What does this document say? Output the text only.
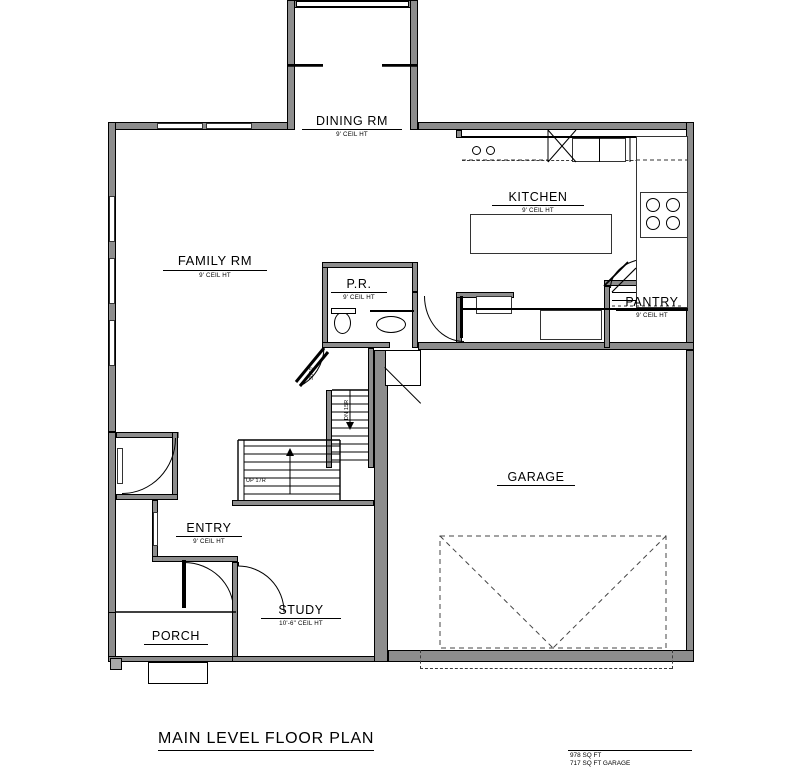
DINING RM
9' CEIL HT
KITCHEN
9' CEIL HT
FAMILY RM
9' CEIL HT
P.R.
9' CEIL HT	PANTRY
9' CEIL HT
GARAGE
ENTRY
9' CEIL HT
STUDY
10'-6" CEIL HT
PORCH
DN 15R
UP 17R
3050
MAIN LEVEL FLOOR PLAN
978 SQ FT
717 SQ FT GARAGE
